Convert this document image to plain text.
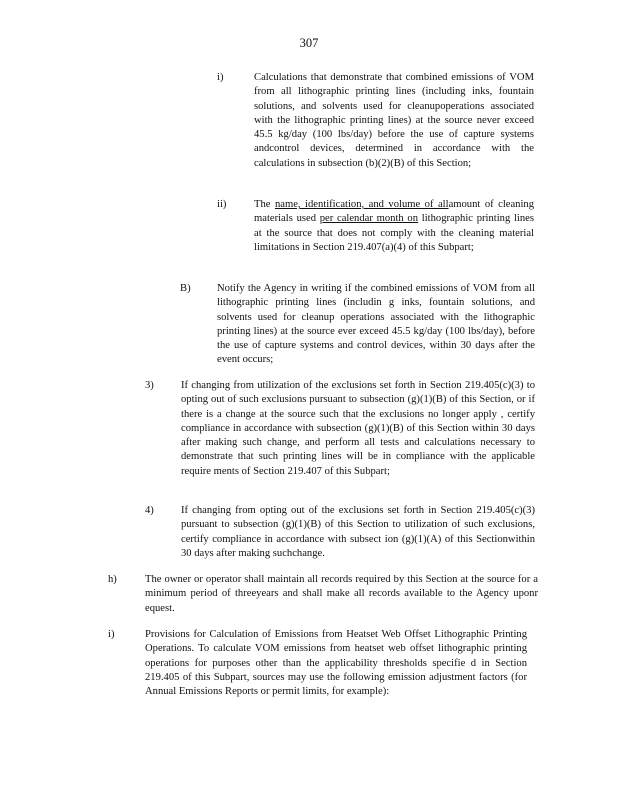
307
i)	Calculations that demonstrate that combined emissions of VOM from all lithographic printing lines (including inks, fountain solutions, and solvents used for cleanupoperations associated with the lithographic printing lines) at the source never exceed 45.5 kg/day (100 lbs/day) before the use of capture systems andcontrol devices, determined in accordance with the calculations in subsection (b)(2)(B) of this Section;
ii)	The name, identification, and volume of allamount of cleaning materials used per calendar month on lithographic printing lines at the source that does not comply with the cleaning material limitations in Section 219.407(a)(4) of this Subpart;
B) Notify the Agency in writing if the combined emissions of VOM from all lithographic printing lines (includin g inks, fountain solutions, and solvents used for cleanup operations associated with the lithographic printing lines) at the source ever exceed 45.5 kg/day (100 lbs/day), before the use of capture systems and control devices, within 30 days after the event occurs;
3)	If changing from utilization of the exclusions set forth in Section 219.405(c)(3) to opting out of such exclusions pursuant to subsection (g)(1)(B) of this Section, or if there is a change at the source such that the exclusions no longer apply , certify compliance in accordance with subsection (g)(1)(B) of this Section within 30 days after making such change, and perform all tests and calculations necessary to demonstrate that such printing lines will be in compliance with the applicable require ments of Section 219.407 of this Subpart;
4)	If changing from opting out of the exclusions set forth in Section 219.405(c)(3) pursuant to subsection (g)(1)(B) of this Section to utilization of such exclusions, certify compliance in accordance with subsect ion (g)(1)(A) of this Sectionwithin 30 days after making suchchange.
h)	The owner or operator shall maintain all records required by this Section at the source for a minimum period of threeyears and shall make all records available to the Agency uponr equest.
i)	Provisions for Calculation of Emissions from Heatset Web Offset Lithographic Printing Operations. To calculate VOM emissions from heatset web offset lithographic printing operations for purposes other than the applicability thresholds specifie d in Section 219.405 of this Subpart, sources may use the following emission adjustment factors (for Annual Emissions Reports or permit limits, for example):
